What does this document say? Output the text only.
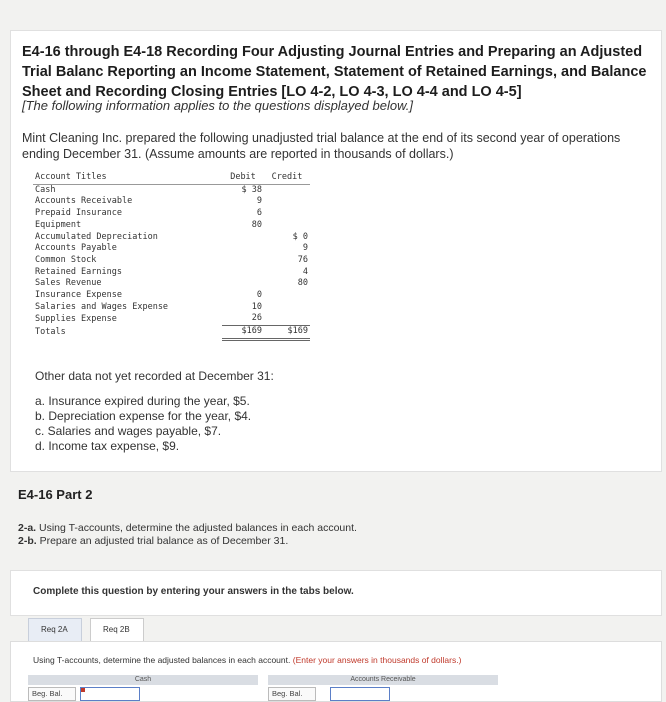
E4-16 through E4-18 Recording Four Adjusting Journal Entries and Preparing an Adjusted Trial Balanc Reporting an Income Statement, Statement of Retained Earnings, and Balance Sheet and Recording Closing Entries [LO 4-2, LO 4-3, LO 4-4 and LO 4-5]
[The following information applies to the questions displayed below.]
Mint Cleaning Inc. prepared the following unadjusted trial balance at the end of its second year of operations ending December 31. (Assume amounts are reported in thousands of dollars.)
Account Titles	Debit	Credit
Cash	$ 38	
Accounts Receivable	9	
Prepaid Insurance	6	
Equipment	80	
Accumulated Depreciation		$ 0
Accounts Payable		9
Common Stock		76
Retained Earnings		4
Sales Revenue		80
Insurance Expense	0	
Salaries and Wages Expense	10	
Supplies Expense	26	
Totals	$169	$169
Other data not yet recorded at December 31:
a. Insurance expired during the year, $5.
b. Depreciation expense for the year, $4.
c. Salaries and wages payable, $7.
d. Income tax expense, $9.
E4-16 Part 2
2-a. Using T-accounts, determine the adjusted balances in each account.
2-b. Prepare an adjusted trial balance as of December 31.
Complete this question by entering your answers in the tabs below.
Req 2A	Req 2B
Using T-accounts, determine the adjusted balances in each account. (Enter your answers in thousands of dollars.)
Cash	Accounts Receivable
Beg. Bal.	Beg. Bal.
